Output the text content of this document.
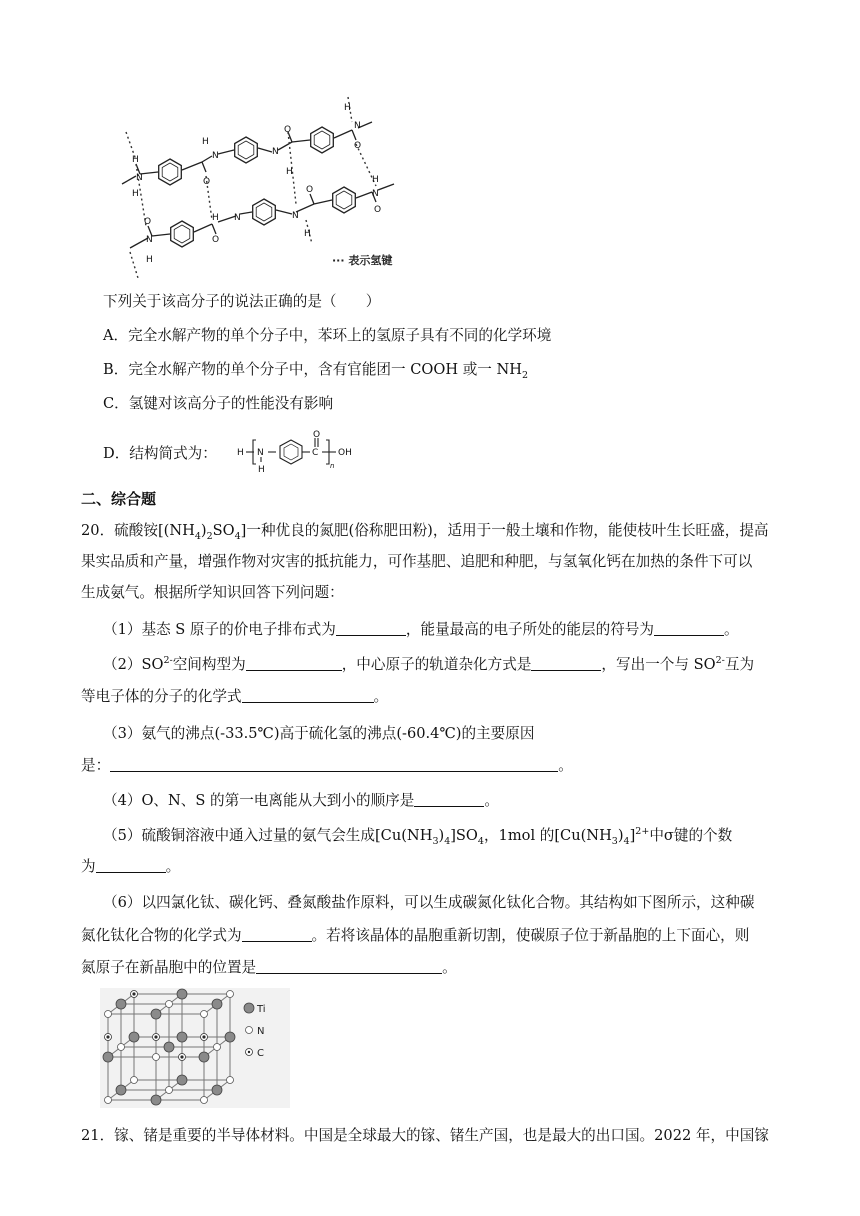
N
H
O
N
H
N
O
H
N
H
O
N
O
H
H N
O
N
O
H
N
H
O
H	··· 表示氢键
下列关于该高分子的说法正确的是（　　）
A．完全水解产物的单个分子中，苯环上的氢原子具有不同的化学环境
B．完全水解产物的单个分子中，含有官能团一 COOH 或一 $NH_2$
C．氢键对该高分子的性能没有影响
D．结构简式为： H N
H
C
O
OH
n
二、综合题
20．硫酸铵$[(NH_4)_2SO_4]$一种优良的氮肥(俗称肥田粉)，适用于一般土壤和作物，能使枝叶生长旺盛，提高
果实品质和产量，增强作物对灾害的抵抗能力，可作基肥、追肥和种肥，与氢氧化钙在加热的条件下可以
生成氨气。根据所学知识回答下列问题：
（1）基态 S 原子的价电子排布式为	，能量最高的电子所处的能层的符号为	。
$(2)SO^{2-}$空间构型为	，中心原子的轨道杂化方式是	，写出一个与 $SO^{2-}$互为
等电子体的分子的化学式	。
（3）氨气的沸点(-33.5℃)高于硫化氢的沸点(-60.4℃)的主要原因
是：	。
（4）O、N、S 的第一电离能从大到小的顺序是	。
（5）硫酸铜溶液中通入过量的氨气会生成$[Cu(NH_3)_4]SO_4$，1mol 的$[Cu(NH_3)_4]^{2+}$中σ键的个数
为	。
（6）以四氯化钛、碳化钙、叠氮酸盐作原料，可以生成碳氮化钛化合物。其结构如下图所示，这种碳
氮化钛化合物的化学式为	。若将该晶体的晶胞重新切割，使碳原子位于新晶胞的上下面心，则
氮原子在新晶胞中的位置是	。
Ti
N
C
21．镓、锗是重要的半导体材料。中国是全球最大的镓、锗生产国，也是最大的出口国。2022 年，中国镓
